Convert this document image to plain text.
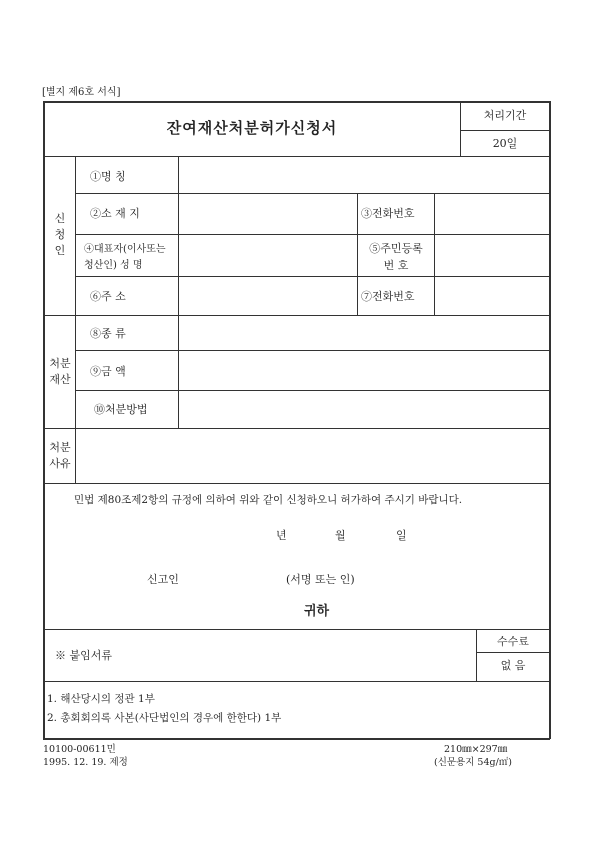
[별지 제6호 서식]
잔여재산처분허가신청서
처리기간
20일
신
청
인
①명 칭
②소 재 지	③전화번호
④대표자(이사또는
청산인) 성 명
⑤주민등록
번 호
⑥주 소	⑦전화번호
처분
재산
⑧종 류
⑨금 액
⑩처분방법
처분
사유
민법 제80조제2항의 규정에 의하여 위와 같이 신청하오니 허가하여 주시기 바랍니다.
년	월	일
신고인	(서명 또는 인)
귀하
※ 붙임서류
수수료
없 음
1. 해산당시의 정관 1부
2. 총회회의록 사본(사단법인의 경우에 한한다) 1부
10100-00611민
1995. 12. 19. 제정
210㎜×297㎜
(신문용지 54g/㎡)
